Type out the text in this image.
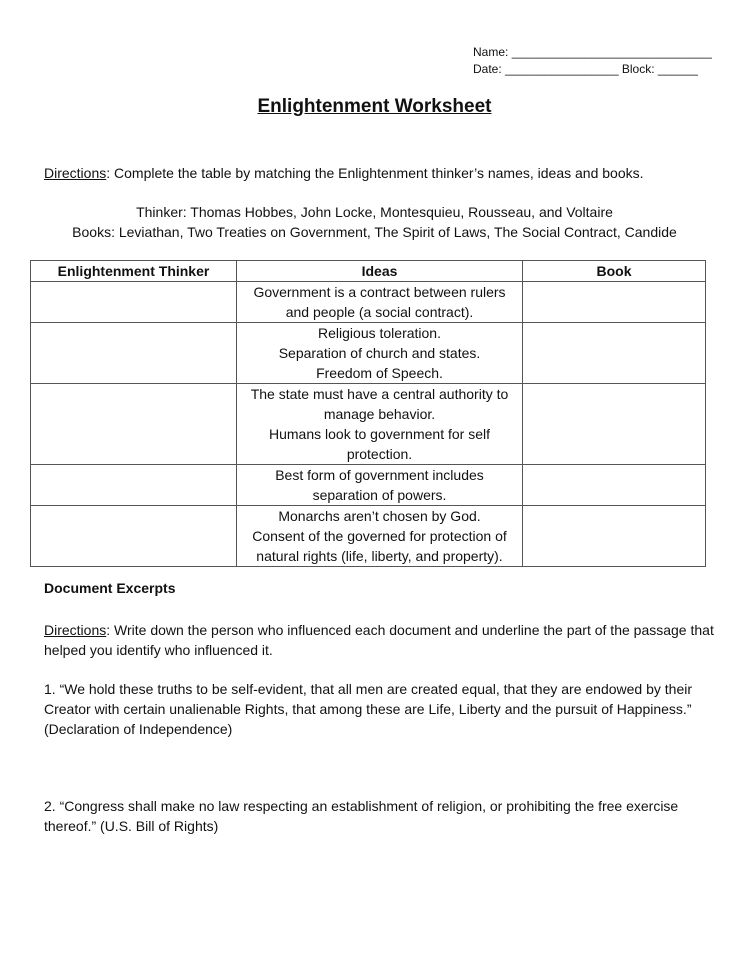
Name: ______________________________
Date: _________________ Block: ______
Enlightenment Worksheet
Directions: Complete the table by matching the Enlightenment thinker’s names, ideas and books.
Thinker: Thomas Hobbes, John Locke, Montesquieu, Rousseau, and Voltaire
Books: Leviathan, Two Treaties on Government, The Spirit of Laws, The Social Contract, Candide
Enlightenment Thinker	Ideas	Book

	Government is a contract between rulers
and people (a social contract).	

	Religious toleration.
Separation of church and states.
Freedom of Speech.	

	The state must have a central authority to
manage behavior.
Humans look to government for self
protection.	

	Best form of government includes
separation of powers.	

	Monarchs aren’t chosen by God.
Consent of the governed for protection of
natural rights (life, liberty, and property).	

Document Excerpts
Directions: Write down the person who influenced each document and underline the part of the passage that helped you identify who influenced it.
1. “We hold these truths to be self-evident, that all men are created equal, that they are endowed by their Creator with certain unalienable Rights, that among these are Life, Liberty and the pursuit of Happiness.” (Declaration of Independence)
2. “Congress shall make no law respecting an establishment of religion, or prohibiting the free exercise thereof.” (U.S. Bill of Rights)
